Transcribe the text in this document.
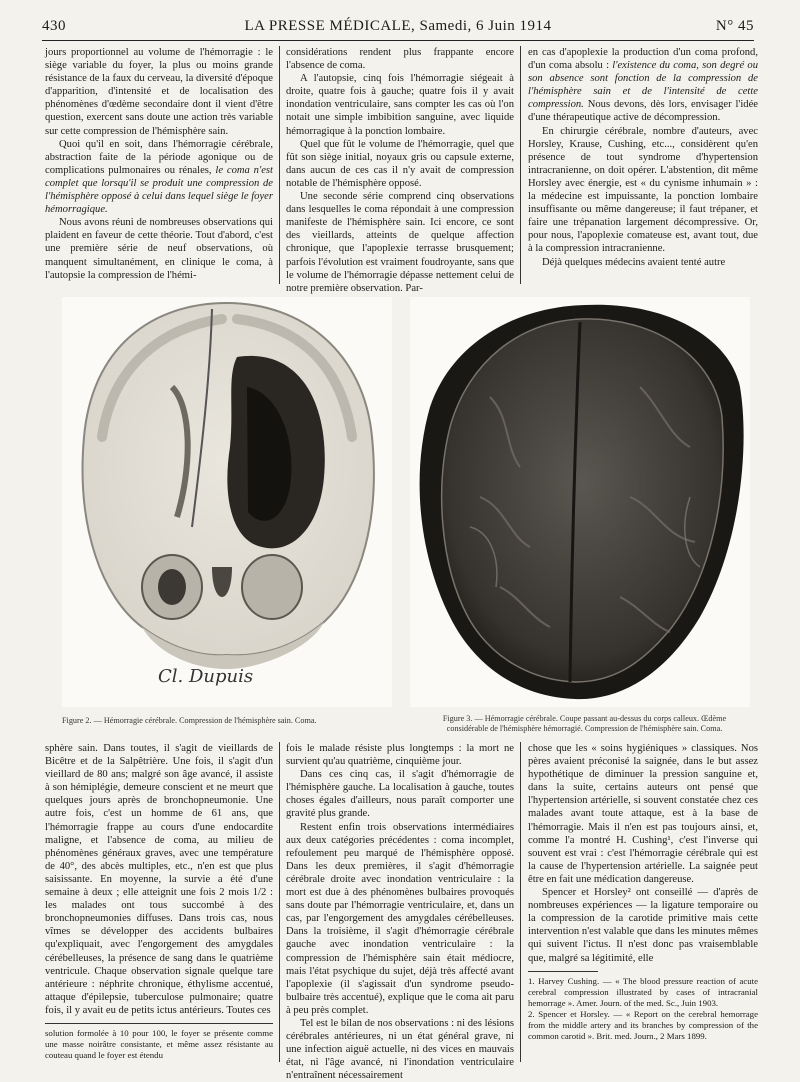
430	LA PRESSE MÉDICALE, Samedi, 6 Juin 1914	N° 45

jours proportionnel au volume de l'hémorragie : le siège variable du foyer, la plus ou moins grande résistance de la faux du cerveau, la diversité d'époque d'apparition, d'intensité et de localisation des phénomènes d'œdème secondaire dont il vient d'être question, exercent sans doute une action très variable sur cette compression de l'hémisphère sain.

Quoi qu'il en soit, dans l'hémorragie cérébrale, abstraction faite de la période agonique ou de complications pulmonaires ou rénales, le coma n'est complet que lorsqu'il se produit une compression de l'hémisphère opposé à celui dans lequel siège le foyer hémorragique.

Nous avons réuni de nombreuses observations qui plaident en faveur de cette théorie. Tout d'abord, c'est une première série de neuf observations, où manquent simultanément, en clinique le coma, à l'autopsie la compression de l'hémi-

considérations rendent plus frappante encore l'absence de coma.

A l'autopsie, cinq fois l'hémorragie siégeait à droite, quatre fois à gauche; quatre fois il y avait inondation ventriculaire, sans compter les cas où l'on notait une simple imbibition sanguine, avec liquide hémorragique à la ponction lombaire.

Quel que fût le volume de l'hémorragie, quel que fût son siège initial, noyaux gris ou capsule externe, dans aucun de ces cas il n'y avait de compression notable de l'hémisphère opposé.

Une seconde série comprend cinq observations dans lesquelles le coma répondait à une compression manifeste de l'hémisphère sain. Ici encore, ce sont des vieillards, atteints de quelque affection chronique, que l'apoplexie terrasse brusquement; parfois l'évolution est vraiment foudroyante, sans que le volume de l'hémorragie dépasse nettement celui de notre première observation. Par-

en cas d'apoplexie la production d'un coma profond, d'un coma absolu : l'existence du coma, son degré ou son absence sont fonction de la compression de l'hémisphère sain et de l'intensité de cette compression. Nous devons, dès lors, envisager l'idée d'une thérapeutique active de décompression.

En chirurgie cérébrale, nombre d'auteurs, avec Horsley, Krause, Cushing, etc..., considèrent qu'en présence de tout syndrome d'hypertension intracranienne, on doit opérer. L'abstention, dit même Horsley avec énergie, est « du cynisme inhumain » : la médecine est impuissante, la ponction lombaire insuffisante ou même dangereuse; il faut trépaner, et faire une trépanation largement décompressive. Or, pour nous, l'apoplexie comateuse est, avant tout, due à la compression intracranienne.

Déjà quelques médecins avaient tenté autre

Cl. Dupuis
Figure 2. — Hémorragie cérébrale. Compression de l'hémisphère sain. Coma.	Figure 3. — Hémorragie cérébrale. Coupe passant au-dessus du corps calleux. Œdème
considérable de l'hémisphère hémorragié. Compression de l'hémisphère sain. Coma.

sphère sain. Dans toutes, il s'agit de vieillards de Bicêtre et de la Salpêtrière. Une fois, il s'agit d'un vieillard de 80 ans; malgré son âge avancé, il assiste à son hémiplégie, demeure conscient et ne meurt que quelques jours après de bronchopneumonie. Une autre fois, c'est un homme de 61 ans, que l'hémorragie frappe au cours d'une endocardite maligne, et l'absence de coma, au milieu de phénomènes généraux graves, avec une température de 40°, des abcès multiples, etc., n'en est que plus saisissante. En moyenne, la survie a été d'une semaine à deux ; elle atteignit une fois 2 mois 1/2 : les malades ont tous succombé à des bronchopneumonies diffuses. Dans trois cas, nous vîmes se développer des accidents bulbaires qu'expliquait, avec l'engorgement des amygdales cérébelleuses, la présence de sang dans le quatrième ventricule. Chaque observation signale quelque tare antérieure : néphrite chronique, éthylisme accentué, attaque d'épilepsie, tuberculose pulmonaire; quatre fois, il y avait eu de petits ictus antérieurs. Toutes ces

solution formolée à 10 pour 100, le foyer se présente comme une masse noirâtre consistante, et même assez résistante au couteau quand le foyer est étendu

fois le malade résiste plus longtemps : la mort ne survient qu'au quatrième, cinquième jour.

Dans ces cinq cas, il s'agit d'hémorragie de l'hémisphère gauche. La localisation à gauche, toutes choses égales d'ailleurs, nous paraît comporter une gravité plus grande.

Restent enfin trois observations intermédiaires aux deux catégories précédentes : coma incomplet, refoulement peu marqué de l'hémisphère opposé. Dans les deux premières, il s'agit d'hémorragie cérébrale droite avec inondation ventriculaire : la mort est due à des phénomènes bulbaires provoqués sans doute par l'hémorragie ventriculaire, et, dans un cas, par l'engorgement des amygdales cérébelleuses. Dans la troisième, il s'agit d'hémorragie cérébrale gauche avec inondation ventriculaire : la compression de l'hémisphère sain était médiocre, mais l'état psychique du sujet, déjà très affecté avant l'apoplexie (il s'agissait d'un syndrome pseudo-bulbaire très accentué), explique que le coma ait paru à peu près complet.

Tel est le bilan de nos observations : ni des lésions cérébrales antérieures, ni un état général grave, ni une infection aiguë actuelle, ni des vices en mauvais état, ni l'âge avancé, ni l'inondation ventriculaire n'entraînent nécessairement

chose que les « soins hygiéniques » classiques. Nos pères avaient préconisé la saignée, dans le but assez hypothétique de diminuer la pression sanguine et, dans la suite, certains auteurs ont pensé que l'hypertension artérielle, si souvent constatée chez ces malades avant toute attaque, est à la base de l'hémorragie. Mais il n'en est pas toujours ainsi, et, comme l'a montré H. Cushing¹, c'est l'inverse qui souvent est vrai : c'est l'hémorragie cérébrale qui est la cause de l'hypertension artérielle. La saignée peut être en fait une médication dangereuse.

Spencer et Horsley² ont conseillé — d'après de nombreuses expériences — la ligature temporaire ou la compression de la carotide primitive mais cette intervention n'est valable que dans les minutes mêmes qui suivent l'ictus. Il n'est donc pas vraisemblable que, malgré sa légitimité, elle

1. Harvey Cushing. — « The blood pressure reaction of acute cerebral compression illustrated by cases of intracranial hemorrage ». Amer. Journ. of the med. Sc., Juin 1903.

2. Spencer et Horsley. — « Report on the cerebral hemorrage from the middle artery and its branches by compression of the common carotid ». Brit. med. Journ., 2 Mars 1899.
